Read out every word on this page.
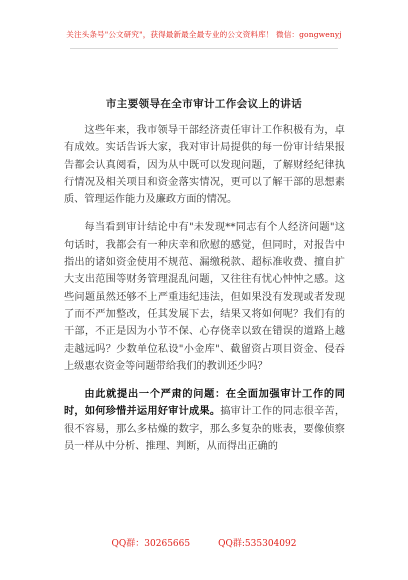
关注头条号"公文研究"，获得最新最全最专业的公文资料库！ 微信：gongwenyj
市主要领导在全市审计工作会议上的讲话

这些年来，我市领导干部经济责任审计工作积极有为，卓有成效。实话告诉大家，我对审计局提供的每一份审计结果报告都会认真阅看，因为从中既可以发现问题，了解财经纪律执行情况及相关项目和资金落实情况，更可以了解干部的思想素质、管理运作能力及廉政方面的情况。

每当看到审计结论中有"未发现**同志有个人经济问题"这句话时，我都会有一种庆幸和欣慰的感觉，但同时，对报告中指出的诸如资金使用不规范、漏缴税款、超标准收费、擅自扩大支出范围等财务管理混乱问题，又往往有忧心忡忡之感。这些问题虽然还够不上严重违纪违法，但如果没有发现或者发现了而不严加整改，任其发展下去，结果又将如何呢？我们有的干部，不正是因为小节不保、心存侥幸以致在错误的道路上越走越远吗？少数单位私设"小金库"、截留资占项目资金、侵吞上级惠农资金等问题带给我们的教训还少吗？

由此就提出一个严肃的问题：在全面加强审计工作的同时，如何珍惜并运用好审计成果。搞审计工作的同志很辛苦，很不容易，那么多枯燥的数字，那么多复杂的账表，要像侦察员一样从中分析、推理、判断，从而得出正确的

QQ群：30265665	QQ群:535304092
